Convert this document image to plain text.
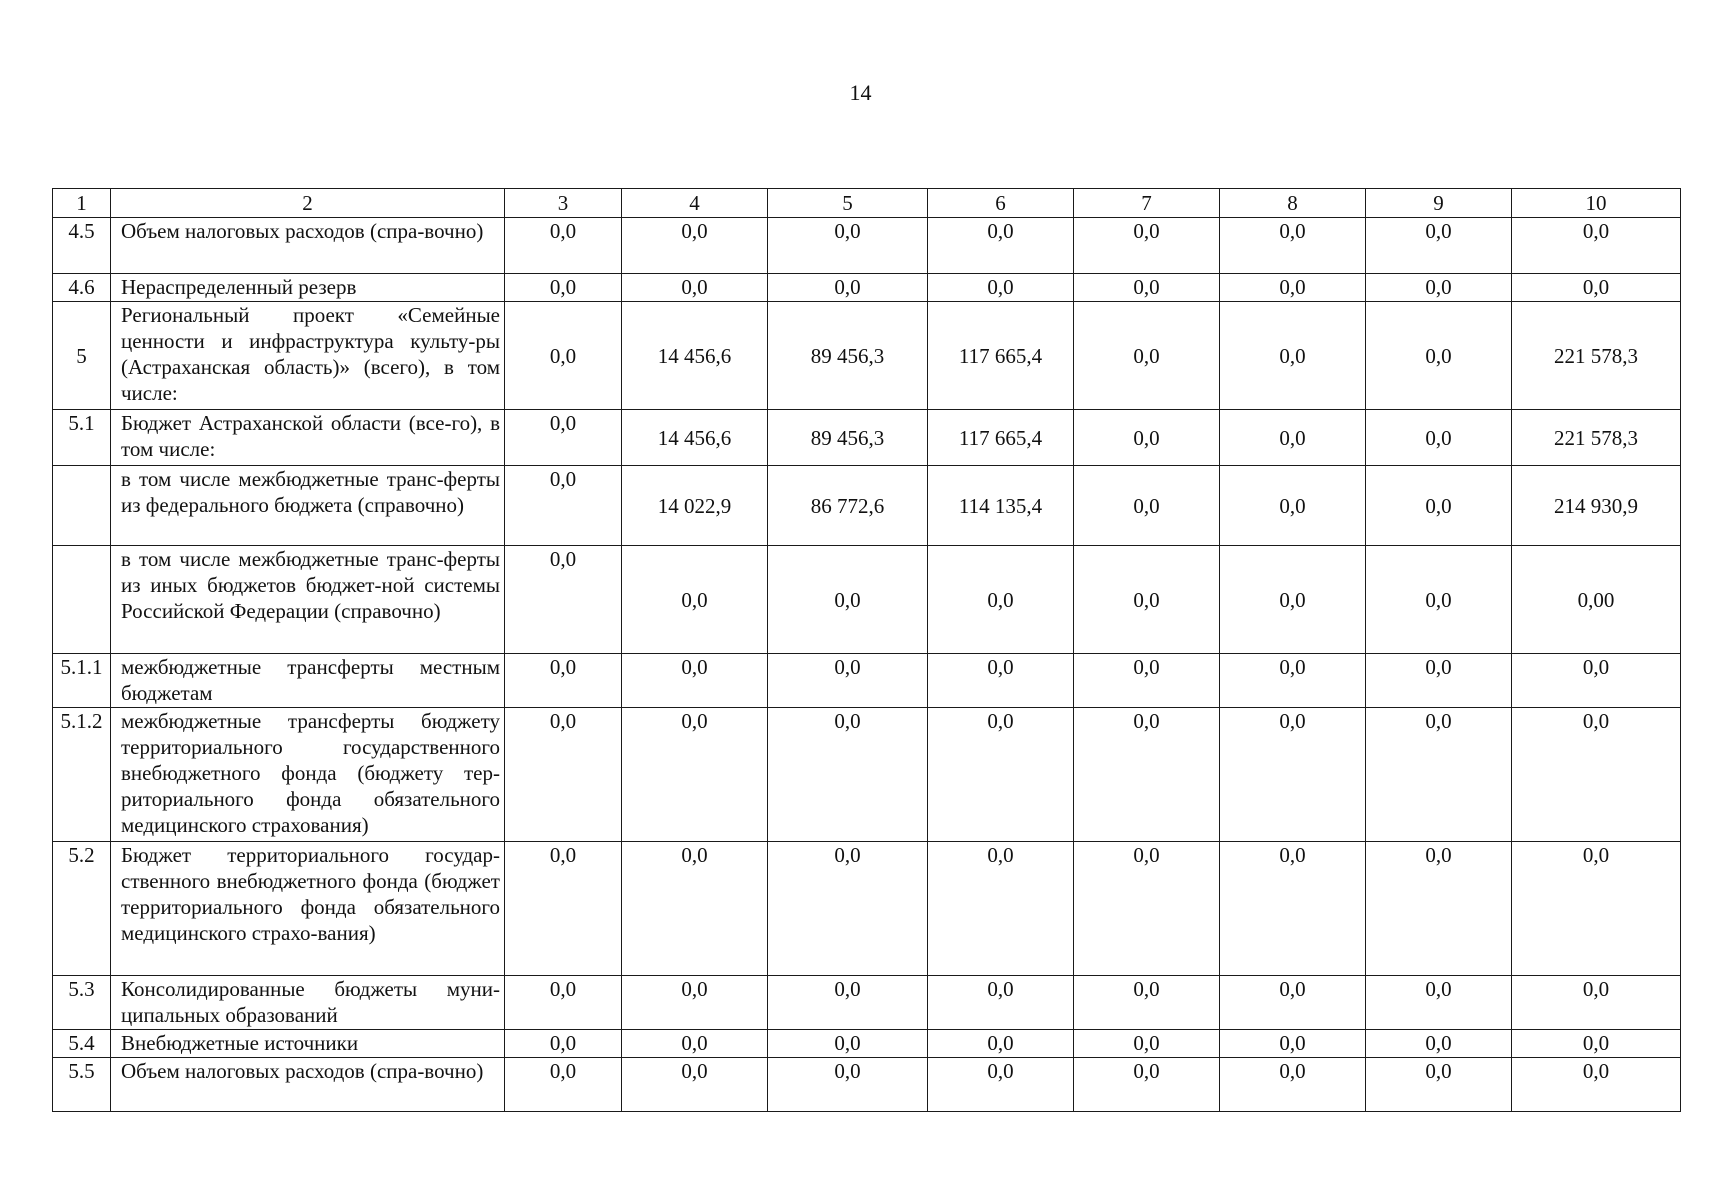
14
1	2	3	4	5	6	7	8	9	10
4.5	Объем налоговых расходов (спра-вочно)	0,0	0,0	0,0	0,0	0,0	0,0	0,0	0,0
4.6	Нераспределенный резерв	0,0	0,0	0,0	0,0	0,0	0,0	0,0	0,0
5	Региональный проект «Семейные ценности и инфраструктура культу-ры (Астраханская область)» (всего), в том числе:	0,0	14 456,6	89 456,3	117 665,4	0,0	0,0	0,0	221 578,3
5.1	Бюджет Астраханской области (все-го), в том числе:	0,0	14 456,6	89 456,3	117 665,4	0,0	0,0	0,0	221 578,3
	в том числе межбюджетные транс-ферты из федерального бюджета (справочно)	0,0	14 022,9	86 772,6	114 135,4	0,0	0,0	0,0	214 930,9
	в том числе межбюджетные транс-ферты из иных бюджетов бюджет-ной системы Российской Федерации (справочно)	0,0	0,0	0,0	0,0	0,0	0,0	0,0	0,00
5.1.1	межбюджетные трансферты местным бюджетам	0,0	0,0	0,0	0,0	0,0	0,0	0,0	0,0
5.1.2	межбюджетные трансферты бюджету территориального государственного внебюджетного фонда (бюджету тер-риториального фонда обязательного медицинского страхования)	0,0	0,0	0,0	0,0	0,0	0,0	0,0	0,0
5.2	Бюджет территориального государ-ственного внебюджетного фонда (бюджет территориального фонда обязательного медицинского страхо-вания)	0,0	0,0	0,0	0,0	0,0	0,0	0,0	0,0
5.3	Консолидированные бюджеты муни-ципальных образований	0,0	0,0	0,0	0,0	0,0	0,0	0,0	0,0
5.4	Внебюджетные источники	0,0	0,0	0,0	0,0	0,0	0,0	0,0	0,0
5.5	Объем налоговых расходов (спра-вочно)	0,0	0,0	0,0	0,0	0,0	0,0	0,0	0,0
